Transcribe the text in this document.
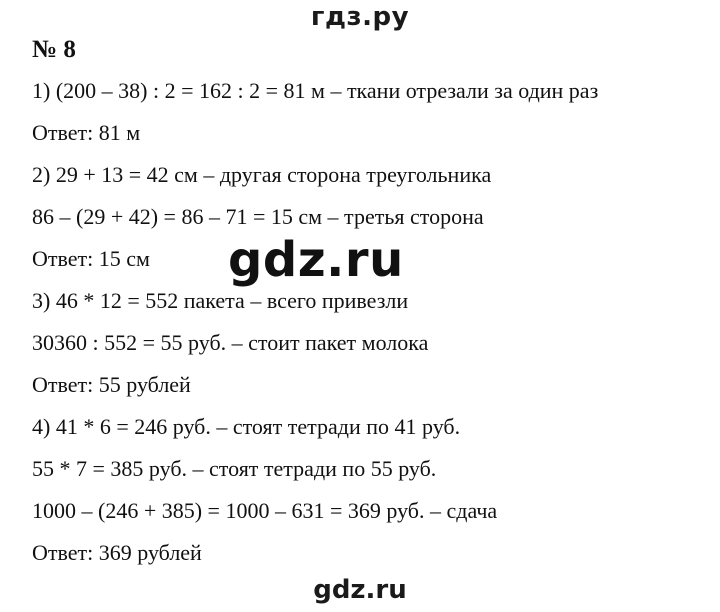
гдз.ру
№ 8
1) (200 – 38) : 2 = 162 : 2 = 81 м – ткани отрезали за один раз
Ответ: 81 м
2) 29 + 13 = 42 см – другая сторона треугольника
86 – (29 + 42) = 86 – 71 = 15 см – третья сторона
Ответ: 15 см
3) 46 * 12 = 552 пакета – всего привезли
30360 : 552 = 55 руб. – стоит пакет молока
Ответ: 55 рублей
4) 41 * 6 = 246 руб. – стоят тетради по 41 руб.
55 * 7 = 385 руб. – стоят тетради по 55 руб.
1000 – (246 + 385) = 1000 – 631 = 369 руб. – сдача
Ответ: 369 рублей
gdz.ru
gdz.ru
